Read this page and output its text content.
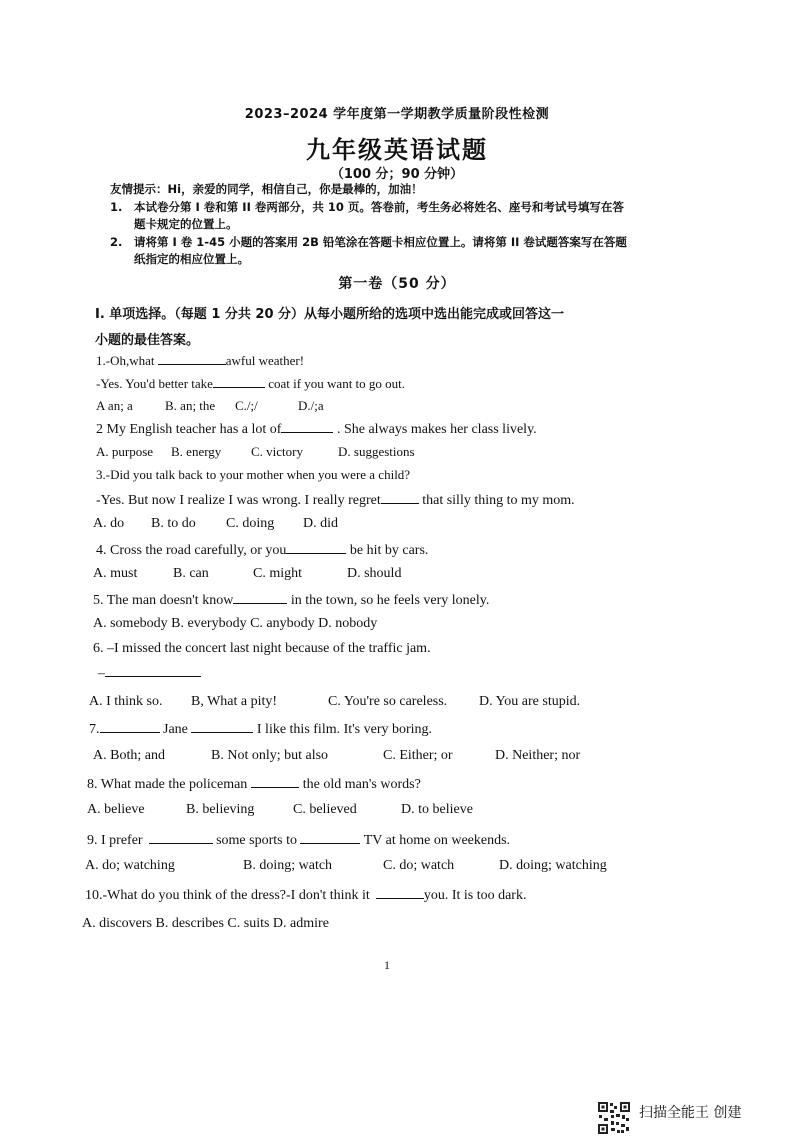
2023–2024 学年度第一学期教学质量阶段性检测
九年级英语试题
（100 分；90 分钟）
友情提示：Hi，亲爱的同学，相信自己，你是最棒的，加油！
1.	本试卷分第 I 卷和第 II 卷两部分，共 10 页。答卷前，考生务必将姓名、座号和考试号填写在答题卡规定的位置上。
2.	请将第 I 卷 1-45 小题的答案用 2B 铅笔涂在答题卡相应位置上。请将第 II 卷试题答案写在答题纸指定的相应位置上。
第一卷（50 分）
I. 单项选择。（每题 1 分共 20 分）从每小题所给的选项中选出能完成或回答这一
小题的最佳答案。
1.-Oh,what	awful weather!
-Yes. You'd better take	coat if you want to go out.
A an; a B. an; the C./;/	D./;a
2 My English teacher has a lot of	. She always makes her class lively.
A. purpose B. energy C. victory	D. suggestions
3.-Did you talk back to your mother when you were a child?
-Yes. But now I realize I was wrong. I really regret	that silly thing to my mom.
A. do B. to do C. doing D. did
4. Cross the road carefully, or you	be hit by cars.
A. must	B. can	C. might	D. should
5. The man doesn't know	in the town, so he feels very lonely.
A. somebody B. everybody C. anybody D. nobody
6. –I missed the concert last night because of the traffic jam.
–
A. I think so. B, What a pity!	C. You're so careless. D. You are stupid.
7.	Jane	I like this film. It's very boring.
A. Both; and	B. Not only; but also	C. Either; or	D. Neither; nor
8. What made the policeman	the old man's words?
A. believe	B. believing	C. believed	D. to believe
9. I prefer	some sports to	TV at home on weekends.
A. do; watching	B. doing; watch	C. do; watch	D. doing; watching
10.-What do you think of the dress?-I don't think it	you. It is too dark.
A. discovers B. describes C. suits D. admire
1
扫描全能王 创建
